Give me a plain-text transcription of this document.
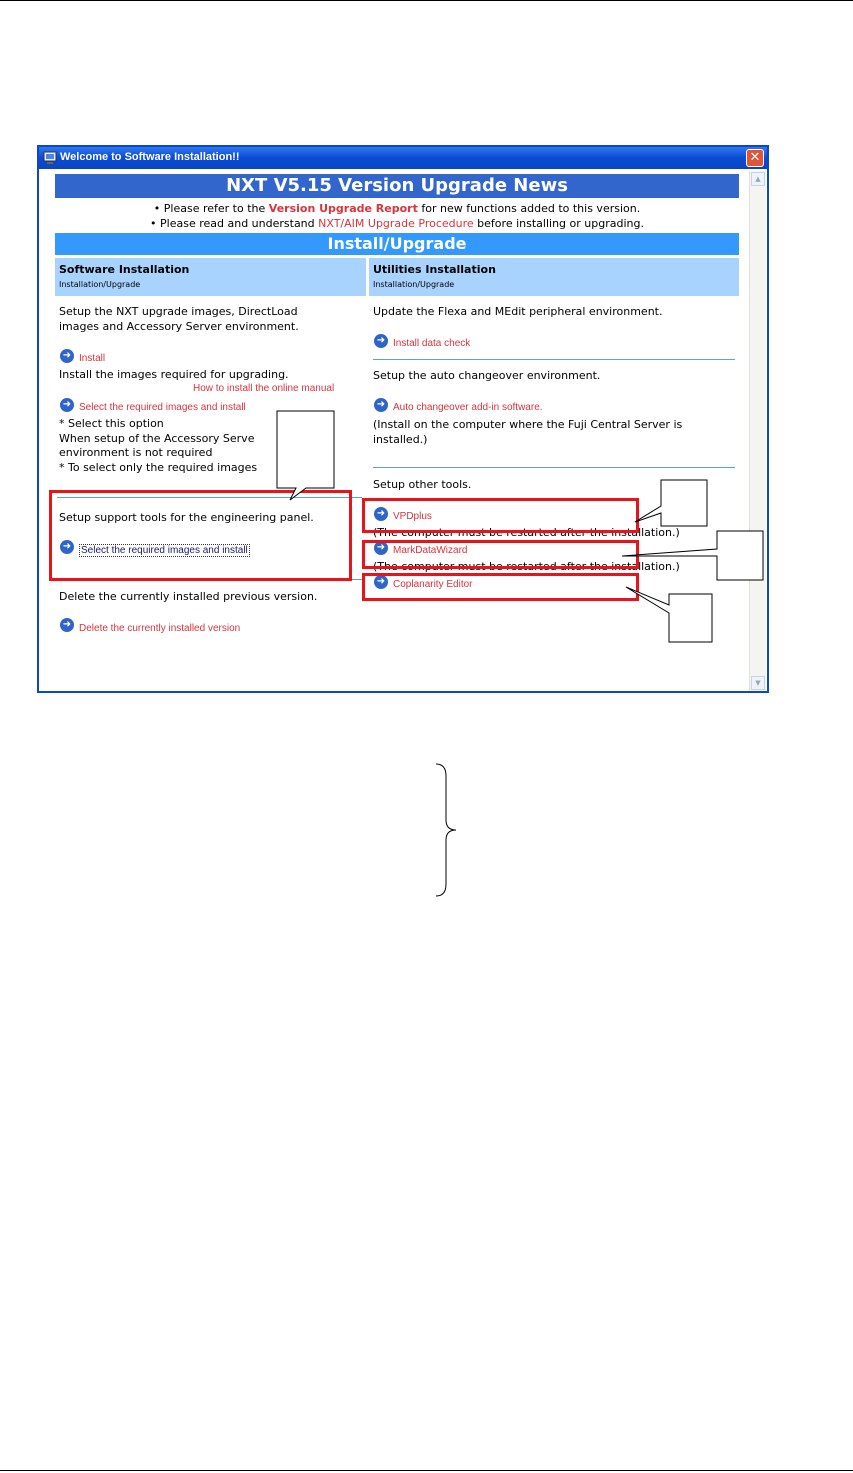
Welcome to Software Installation!!	✕
▲
▼
NXT V5.15 Version Upgrade News
• Please refer to the Version Upgrade Report for new functions added to this version.
• Please read and understand NXT/AIM Upgrade Procedure before installing or upgrading.
Install/Upgrade
Software Installation
Installation/Upgrade
Utilities Installation
Installation/Upgrade
Setup the NXT upgrade images, DirectLoad
images and Accessory Server environment.
➜ Install
Install the images required for upgrading.
How to install the online manual
➜ Select the required images and install
* Select this option
When setup of the Accessory Serve
environment is not required
* To select only the required images
Setup support tools for the engineering panel.
➜ Select the required images and install
Delete the currently installed previous version.
➜ Delete the currently installed version
Update the Flexa and MEdit peripheral environment.
➜ Install data check
Setup the auto changeover environment.
➜ Auto changeover add-in software.
(Install on the computer where the Fuji Central Server is
installed.)
Setup other tools.
➜ VPDplus
(The computer must be restarted after the installation.)
➜ MarkDataWizard
(The computer must be restarted after the installation.)
➜ Coplanarity Editor
